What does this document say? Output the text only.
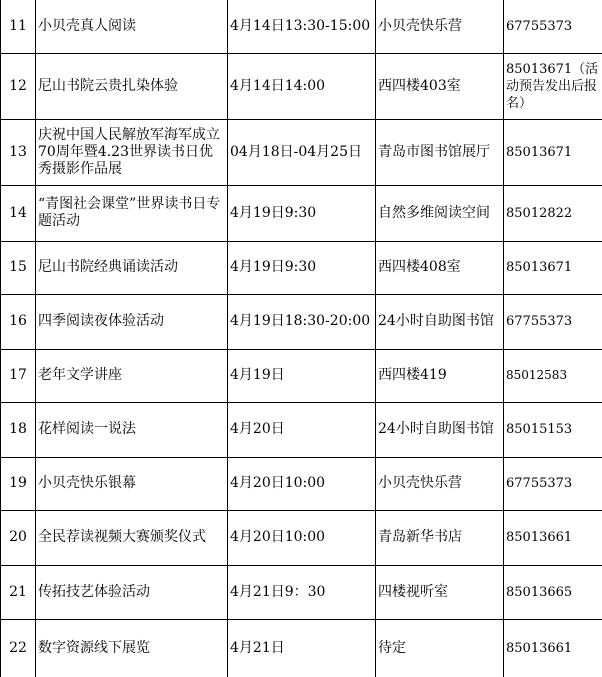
11	小贝壳真人阅读	4月14日13:30-15:00	小贝壳快乐营	67755373
12	尼山书院云贵扎染体验	4月14日14:00	西四楼403室	85013671（活动预告发出后报名）
13	庆祝中国人民解放军海军成立70周年暨4.23世界读书日优秀摄影作品展	04月18日-04月25日	青岛市图书馆展厅	85013671
14	“青图社会课堂”世界读书日专题活动	4月19日9:30	自然多维阅读空间	85012822
15	尼山书院经典诵读活动	4月19日9:30	西四楼408室	85013671
16	四季阅读夜体验活动	4月19日18:30-20:00	24小时自助图书馆	67755373
17	老年文学讲座	4月19日	西四楼419	85012583
18	花样阅读一说法	4月20日	24小时自助图书馆	85015153
19	小贝壳快乐银幕	4月20日10:00	小贝壳快乐营	67755373
20	全民荐读视频大赛颁奖仪式	4月20日10:00	青岛新华书店	85013661
21	传拓技艺体验活动	4月21日9：30	四楼视听室	85013665
22	数字资源线下展览	4月21日	待定	85013661
